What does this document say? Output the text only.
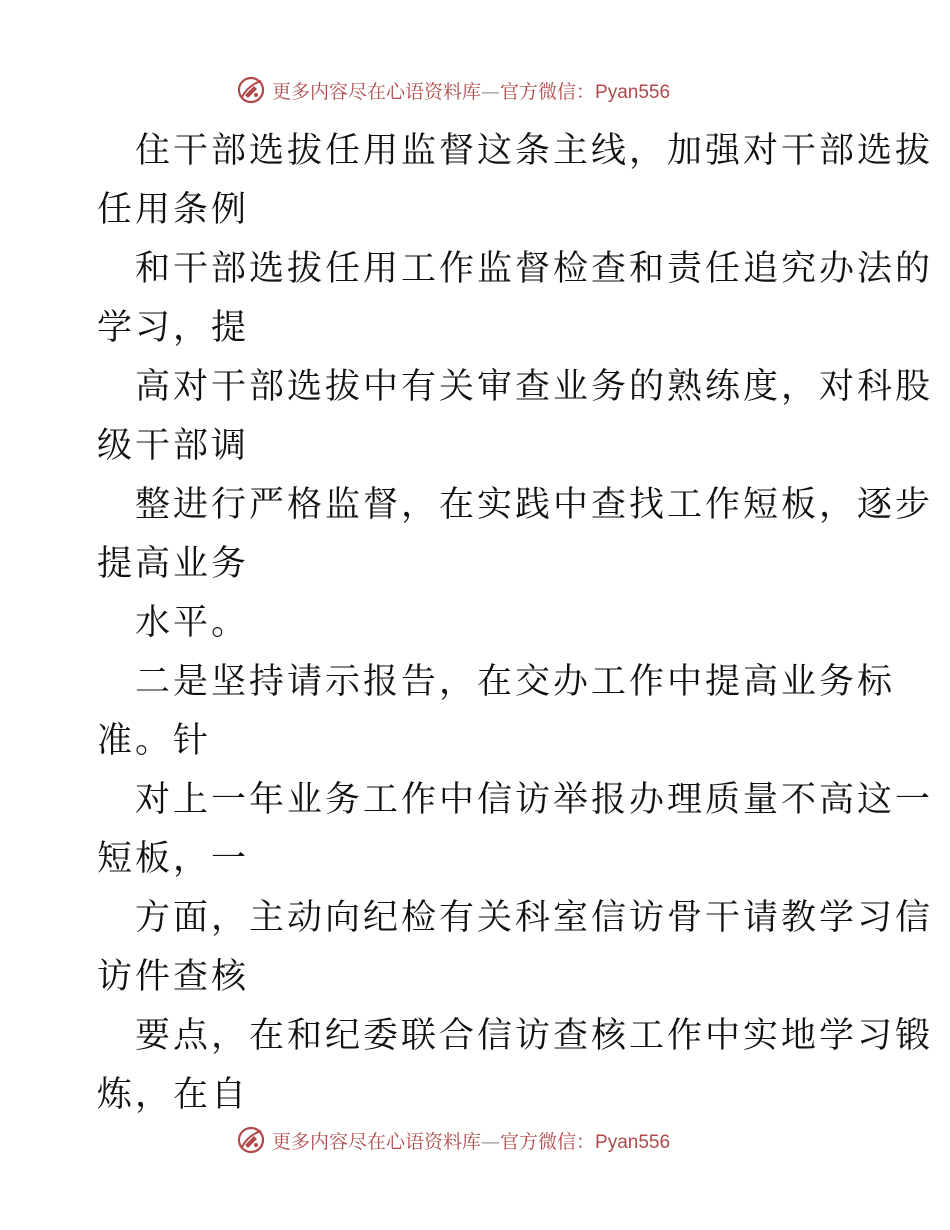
更多内容尽在心语资料库—官方微信：Pyan556
住干部选拔任用监督这条主线，加强对干部选拔
任用条例
和干部选拔任用工作监督检查和责任追究办法的
学习，提
高对干部选拔中有关审查业务的熟练度，对科股
级干部调
整进行严格监督，在实践中查找工作短板，逐步
提高业务
水平。
二是坚持请示报告，在交办工作中提高业务标
准。针
对上一年业务工作中信访举报办理质量不高这一
短板，一
方面，主动向纪检有关科室信访骨干请教学习信
访件查核
要点，在和纪委联合信访查核工作中实地学习锻
炼，在自
更多内容尽在心语资料库—官方微信：Pyan556
